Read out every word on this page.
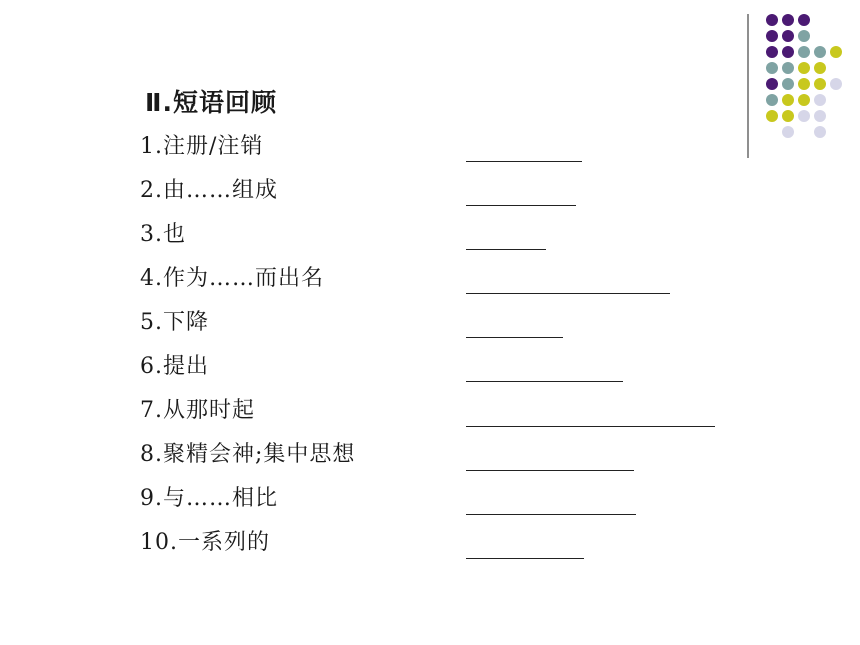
Ⅱ.短语回顾
1.注册/注销
2.由……组成
3.也
4.作为……而出名
5.下降
6.提出
7.从那时起
8.聚精会神;集中思想
9.与……相比
10.一系列的
